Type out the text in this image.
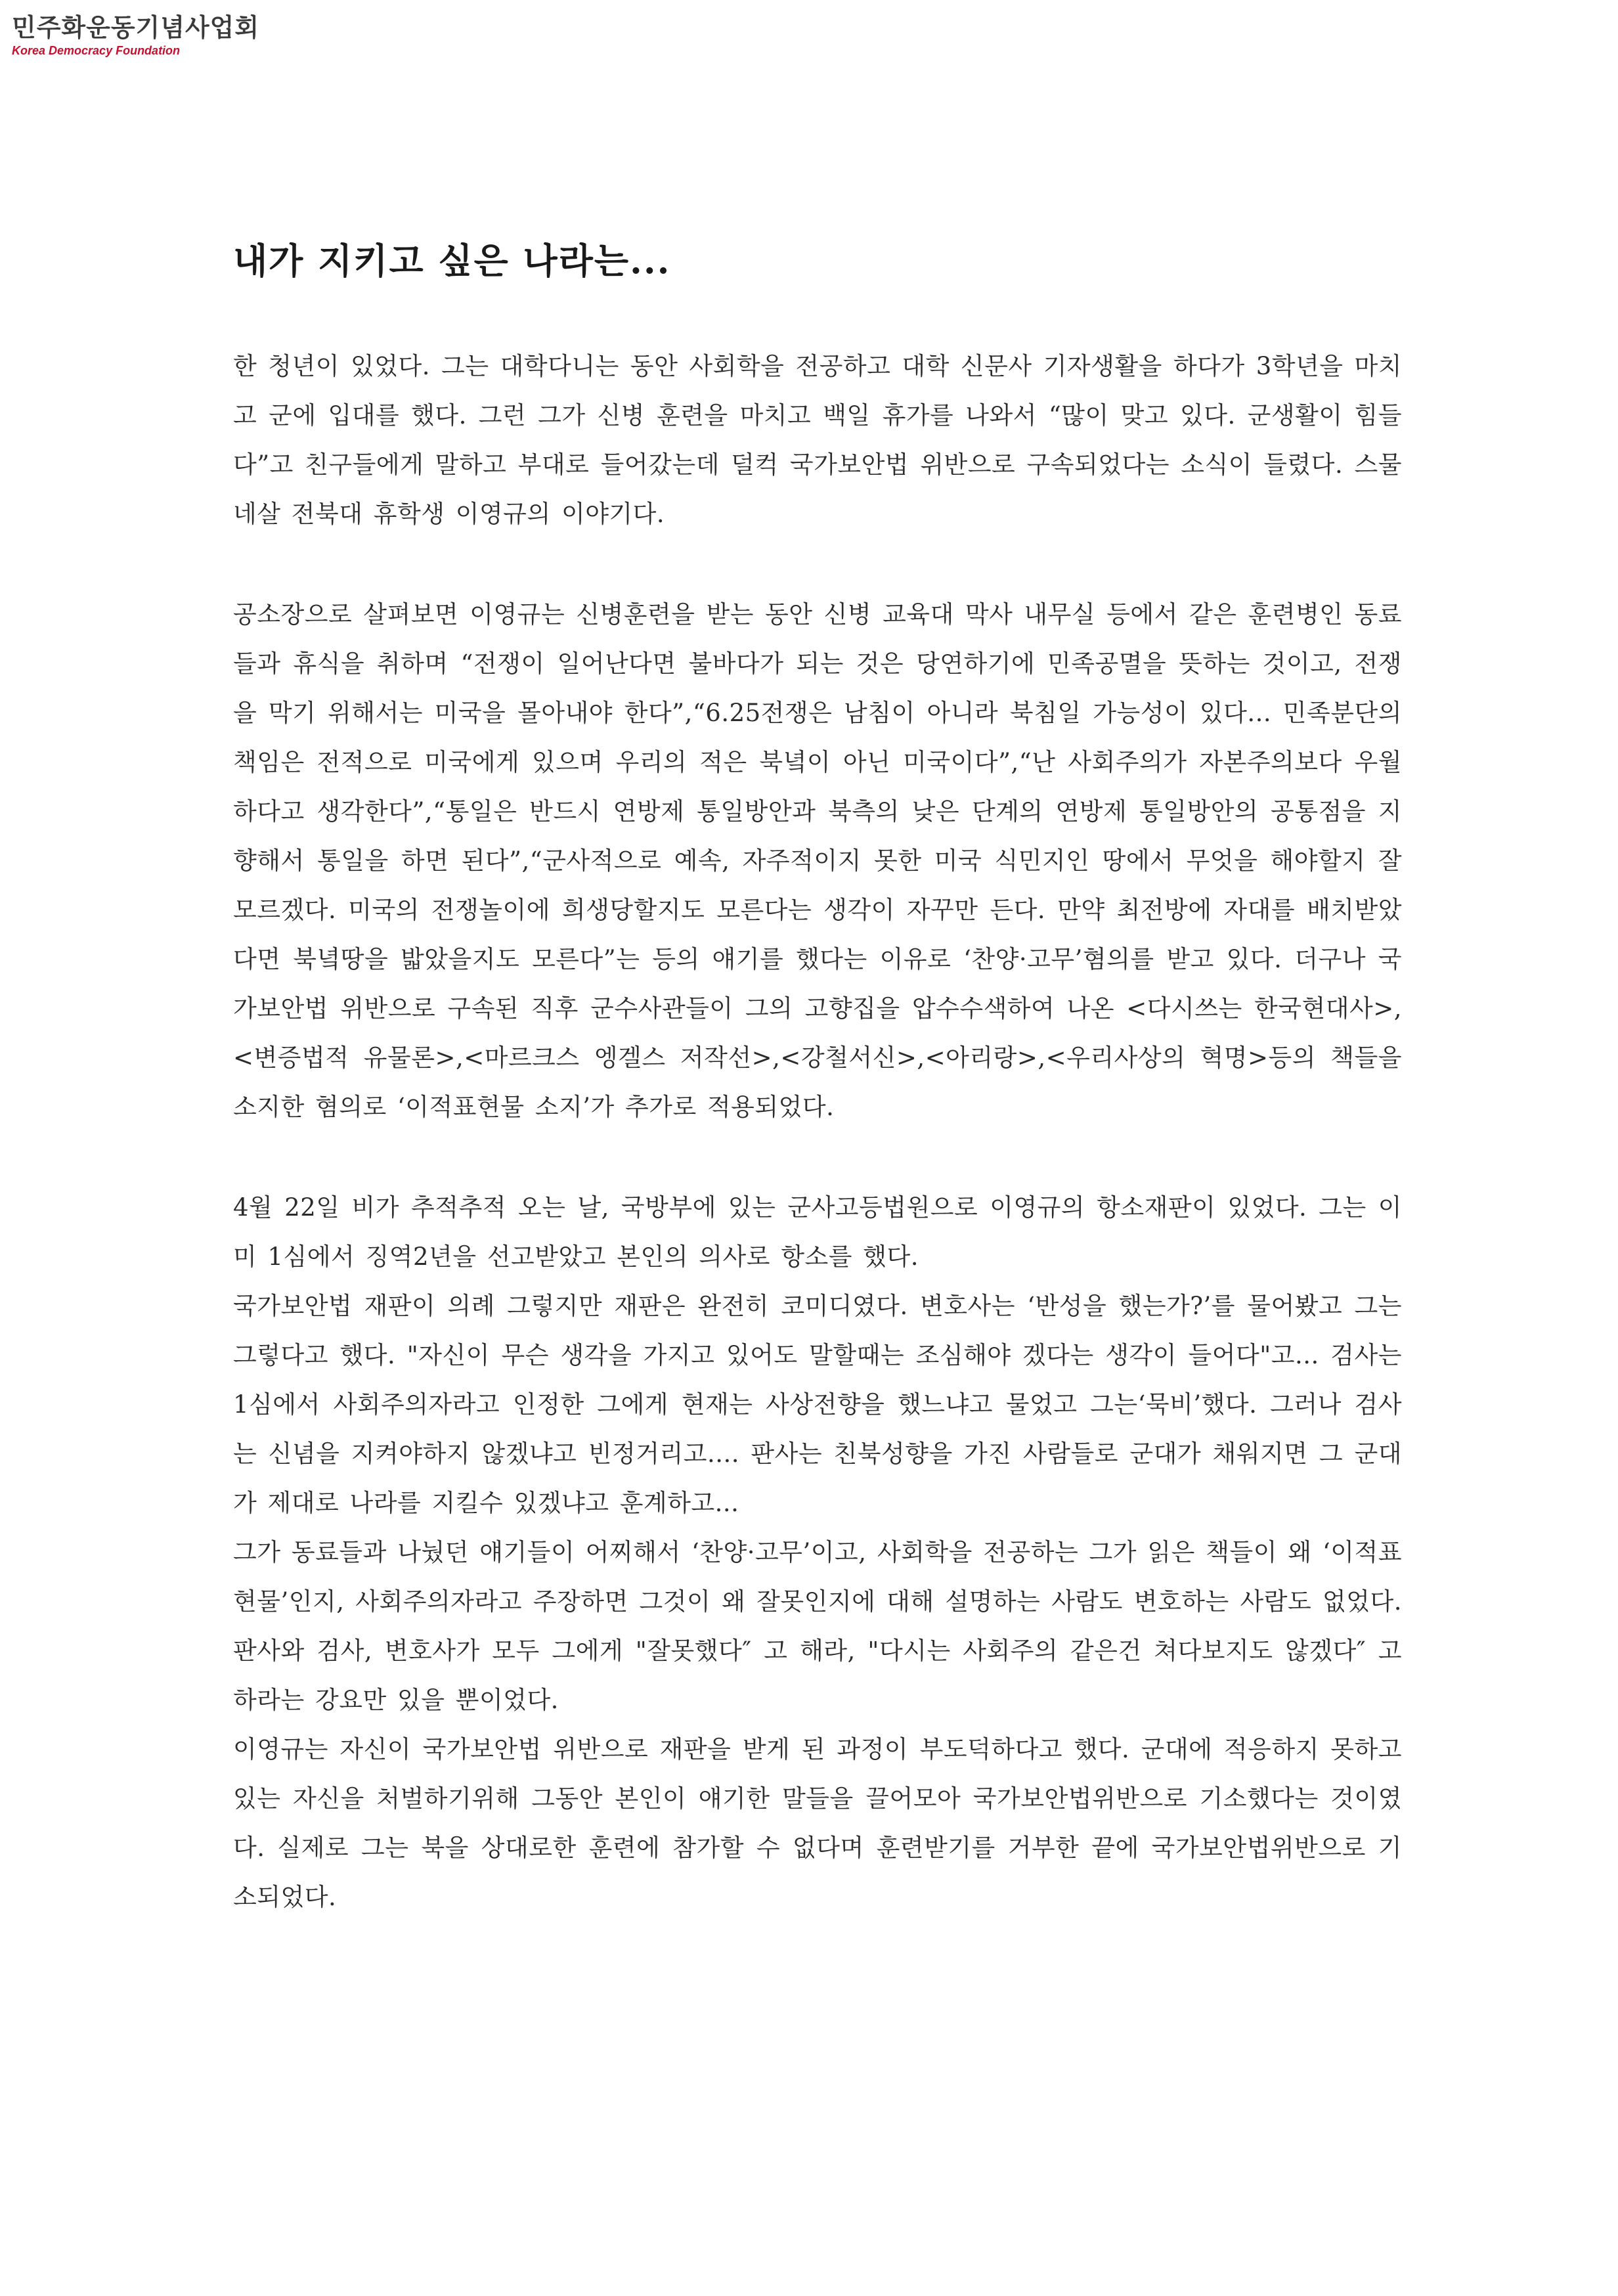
민주화운동기념사업회
Korea Democracy Foundation
내가 지키고 싶은 나라는...

한 청년이 있었다. 그는 대학다니는 동안 사회학을 전공하고 대학 신문사 기자생활을 하다가 3학년을 마치고 군에 입대를 했다. 그런 그가 신병 훈련을 마치고 백일 휴가를 나와서 “많이 맞고 있다. 군생활이 힘들다”고 친구들에게 말하고 부대로 들어갔는데 덜컥 국가보안법 위반으로 구속되었다는 소식이 들렸다. 스물네살 전북대 휴학생 이영규의 이야기다.

공소장으로 살펴보면 이영규는 신병훈련을 받는 동안 신병 교육대 막사 내무실 등에서 같은 훈련병인 동료들과 휴식을 취하며 “전쟁이 일어난다면 불바다가 되는 것은 당연하기에 민족공멸을 뜻하는 것이고, 전쟁을 막기 위해서는 미국을 몰아내야 한다”,“6.25전쟁은 남침이 아니라 북침일 가능성이 있다... 민족분단의 책임은 전적으로 미국에게 있으며 우리의 적은 북녘이 아닌 미국이다”,“난 사회주의가 자본주의보다 우월하다고 생각한다”,“통일은 반드시 연방제 통일방안과 북측의 낮은 단계의 연방제 통일방안의 공통점을 지향해서 통일을 하면 된다”,“군사적으로 예속, 자주적이지 못한 미국 식민지인 땅에서 무엇을 해야할지 잘 모르겠다. 미국의 전쟁놀이에 희생당할지도 모른다는 생각이 자꾸만 든다. 만약 최전방에 자대를 배치받았다면 북녘땅을 밟았을지도 모른다”는 등의 얘기를 했다는 이유로 ‘찬양·고무’혐의를 받고 있다. 더구나 국가보안법 위반으로 구속된 직후 군수사관들이 그의 고향집을 압수수색하여 나온 <다시쓰는 한국현대사>,<변증법적 유물론>,<마르크스 엥겔스 저작선>,<강철서신>,<아리랑>,<우리사상의 혁명>등의 책들을 소지한 혐의로 ‘이적표현물 소지’가 추가로 적용되었다.

4월 22일 비가 추적추적 오는 날, 국방부에 있는 군사고등법원으로 이영규의 항소재판이 있었다. 그는 이미 1심에서 징역2년을 선고받았고 본인의 의사로 항소를 했다.

국가보안법 재판이 의례 그렇지만 재판은 완전히 코미디였다. 변호사는 ‘반성을 했는가?’를 물어봤고 그는 그렇다고 했다. "자신이 무슨 생각을 가지고 있어도 말할때는 조심해야 겠다는 생각이 들어다"고... 검사는 1심에서 사회주의자라고 인정한 그에게 현재는 사상전향을 했느냐고 물었고 그는‘묵비’했다. 그러나 검사는 신념을 지켜야하지 않겠냐고 빈정거리고.... 판사는 친북성향을 가진 사람들로 군대가 채워지면 그 군대가 제대로 나라를 지킬수 있겠냐고 훈계하고...

그가 동료들과 나눴던 얘기들이 어찌해서 ‘찬양·고무’이고, 사회학을 전공하는 그가 읽은 책들이 왜 ‘이적표현물’인지, 사회주의자라고 주장하면 그것이 왜 잘못인지에 대해 설명하는 사람도 변호하는 사람도 없었다. 판사와 검사, 변호사가 모두 그에게 "잘못했다″ 고 해라, "다시는 사회주의 같은건 쳐다보지도 않겠다″ 고 하라는 강요만 있을 뿐이었다.

이영규는 자신이 국가보안법 위반으로 재판을 받게 된 과정이 부도덕하다고 했다. 군대에 적응하지 못하고 있는 자신을 처벌하기위해 그동안 본인이 얘기한 말들을 끌어모아 국가보안법위반으로 기소했다는 것이였다. 실제로 그는 북을 상대로한 훈련에 참가할 수 없다며 훈련받기를 거부한 끝에 국가보안법위반으로 기소되었다.
